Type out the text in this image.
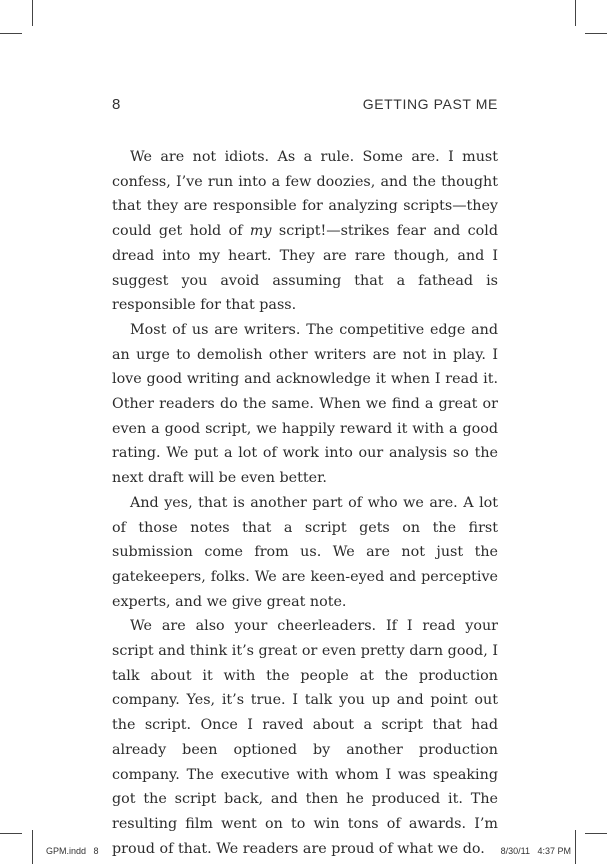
8	GETTING PAST ME

We are not idiots. As a rule. Some are. I must confess, I’ve run into a few doozies, and the thought that they are responsible for analyzing scripts—they could get hold of my script!—strikes fear and cold dread into my heart. They are rare though, and I suggest you avoid assuming that a fathead is responsible for that pass.

Most of us are writers. The competitive edge and an urge to demolish other writers are not in play. I love good writing and acknowledge it when I read it. Other readers do the same. When we find a great or even a good script, we happily reward it with a good rating. We put a lot of work into our analysis so the next draft will be even better.

And yes, that is another part of who we are. A lot of those notes that a script gets on the first submission come from us. We are not just the gatekeepers, folks. We are keen-eyed and perceptive experts, and we give great note.

We are also your cheerleaders. If I read your script and think it’s great or even pretty darn good, I talk about it with the people at the production company. Yes, it’s true. I talk you up and point out the script. Once I raved about a script that had already been optioned by another production company. The executive with whom I was speaking got the script back, and then he produced it. The resulting film went on to win tons of awards. I’m proud of that. We readers are proud of what we do.

GPM.indd   8	8/30/11   4:37 PM
